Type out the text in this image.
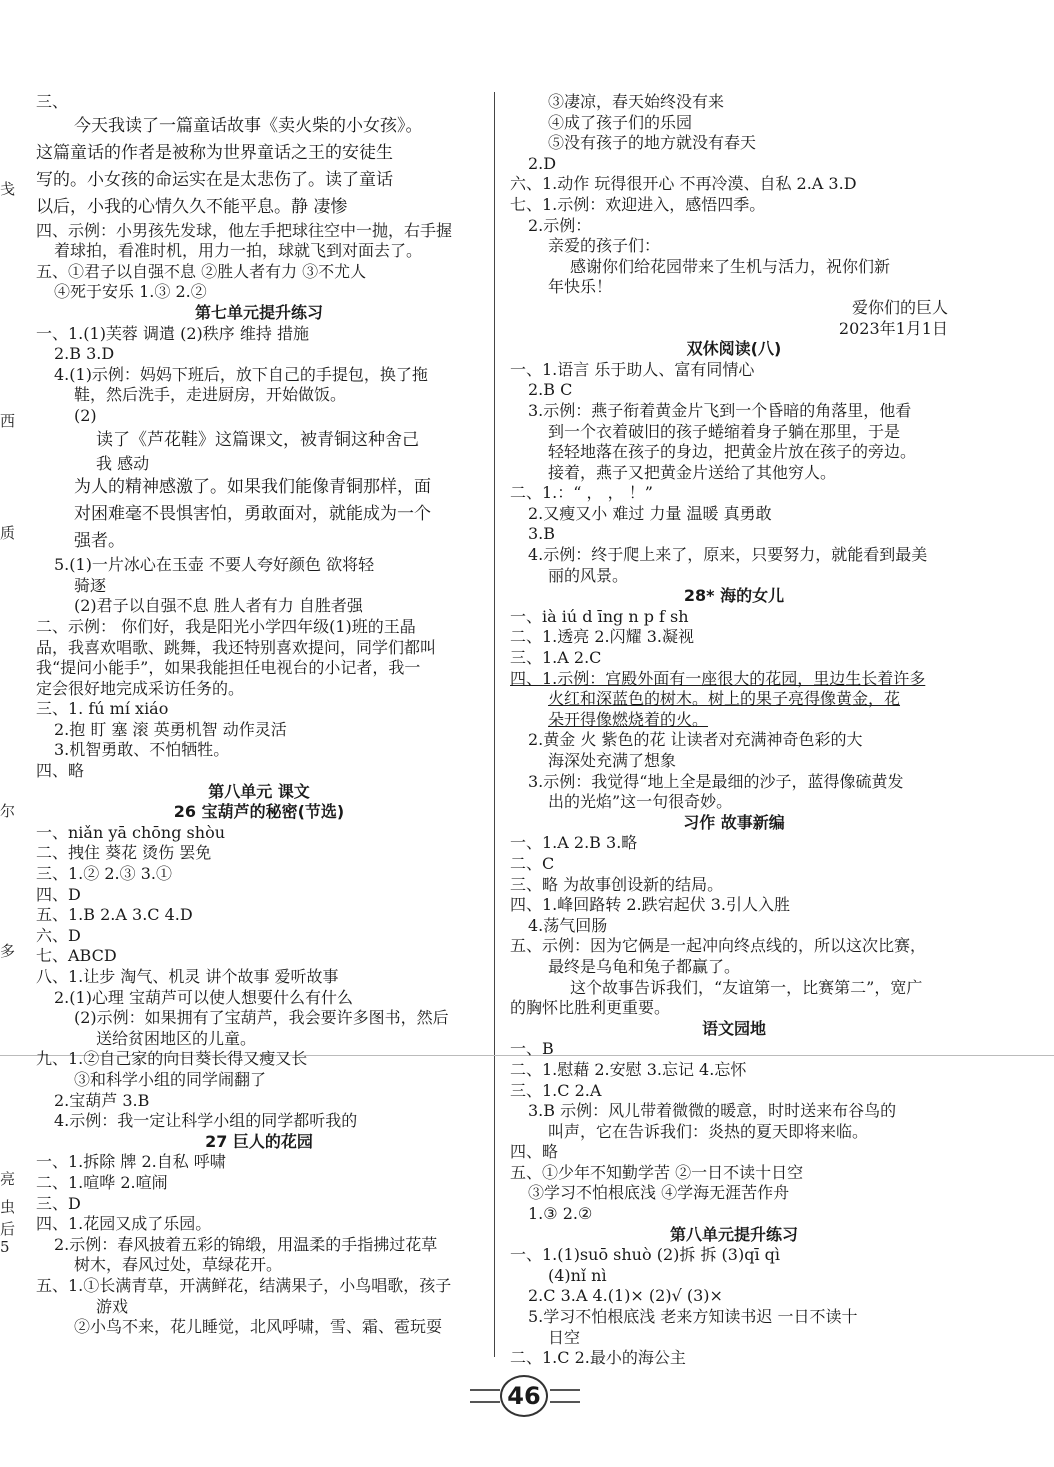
戋
西
质
尔
多
亮
虫
后
5
三、
今天我读了一篇童话故事《卖火柴的小女孩》。
这篇童话的作者是被称为世界童话之王的安徒生
写的。小女孩的命运实在是太悲伤了。读了童话
以后，小我的心情久久不能平息。静 凄惨
四、示例：小男孩先发球，他左手把球往空中一抛，右手握
着球拍，看准时机，用力一拍，球就飞到对面去了。
五、①君子以自强不息 ②胜人者有力 ③不尤人
④死于安乐 1.③ 2.②
第七单元提升练习
一、1.(1)芙蓉 调遣 (2)秩序 维持 措施
2.B 3.D
4.(1)示例：妈妈下班后，放下自己的手提包，换了拖
鞋，然后洗手，走进厨房，开始做饭。
(2)
读了《芦花鞋》这篇课文，被青铜这种舍己
我 感动
为人的精神感激了。如果我们能像青铜那样，面
对困难毫不畏惧害怕，勇敢面对，就能成为一个
强者。
5.(1)一片冰心在玉壶 不要人夸好颜色 欲将轻
骑逐
(2)君子以自强不息 胜人者有力 自胜者强
二、示例： 你们好，我是阳光小学四年级(1)班的王晶
品，我喜欢唱歌、跳舞，我还特别喜欢提问，同学们都叫
我“提问小能手”，如果我能担任电视台的小记者，我一
定会很好地完成采访任务的。
三、1. fú mí xiáo
2.抱 盯 塞 滚 英勇机智 动作灵活
3.机智勇敢、不怕牺牲。
四、略
第八单元 课文
26 宝葫芦的秘密(节选)
一、niǎn yā chōng shòu
二、拽住 葵花 烫伤 罢免
三、1.② 2.③ 3.①
四、D
五、1.B 2.A 3.C 4.D
六、D
七、ABCD
八、1.让步 淘气、机灵 讲个故事 爱听故事
2.(1)心理 宝葫芦可以使人想要什么有什么
(2)示例：如果拥有了宝葫芦，我会要许多图书，然后
送给贫困地区的儿童。
九、1.②自己家的向日葵长得又瘦又长
③和科学小组的同学闹翻了
2.宝葫芦 3.B
4.示例：我一定让科学小组的同学都听我的
27 巨人的花园
一、1.拆除 牌 2.自私 呼啸
二、1.喧哗 2.喧闹
三、D
四、1.花园又成了乐园。
2.示例：春风披着五彩的锦缎，用温柔的手指拂过花草
树木，春风过处，草绿花开。
五、1.①长满青草，开满鲜花，结满果子，小鸟唱歌，孩子
游戏
②小鸟不来，花儿睡觉，北风呼啸，雪、霜、雹玩耍
③凄凉，春天始终没有来
④成了孩子们的乐园
⑤没有孩子的地方就没有春天
2.D
六、1.动作 玩得很开心 不再冷漠、自私 2.A 3.D
七、1.示例：欢迎进入，感悟四季。
2.示例：
亲爱的孩子们：
感谢你们给花园带来了生机与活力，祝你们新
年快乐！
爱你们的巨人
2023年1月1日
双休阅读(八)
一、1.语言 乐于助人、富有同情心
2.B C
3.示例：燕子衔着黄金片飞到一个昏暗的角落里，他看
到一个衣着破旧的孩子蜷缩着身子躺在那里，于是
轻轻地落在孩子的身边，把黄金片放在孩子的旁边。
接着，燕子又把黄金片送给了其他穷人。
二、1.：“ ， ， ！”
2.又瘦又小 难过 力量 温暖 真勇敢
3.B
4.示例：终于爬上来了，原来，只要努力，就能看到最美
丽的风景。
28* 海的女儿
一、ià iú d īng n p f sh
二、1.透亮 2.闪耀 3.凝视
三、1.A 2.C
四、1.示例：宫殿外面有一座很大的花园，里边生长着许多
火红和深蓝色的树木。树上的果子亮得像黄金，花
朵开得像燃烧着的火。
2.黄金 火 紫色的花 让读者对充满神奇色彩的大
海深处充满了想象
3.示例：我觉得“地上全是最细的沙子，蓝得像硫黄发
出的光焰”这一句很奇妙。
习作 故事新编
一、1.A 2.B 3.略
二、C
三、略 为故事创设新的结局。
四、1.峰回路转 2.跌宕起伏 3.引人入胜
4.荡气回肠
五、示例：因为它俩是一起冲向终点线的，所以这次比赛，
最终是乌龟和兔子都赢了。
这个故事告诉我们，“友谊第一，比赛第二”，宽广
的胸怀比胜利更重要。
语文园地
一、B
二、1.慰藉 2.安慰 3.忘记 4.忘怀
三、1.C 2.A
3.B 示例：风儿带着微微的暖意，时时送来布谷鸟的
叫声，它在告诉我们：炎热的夏天即将来临。
四、略
五、①少年不知勤学苦 ②一日不读十日空
③学习不怕根底浅 ④学海无涯苦作舟
1.③ 2.②
第八单元提升练习
一、1.(1)suō shuò (2)拆 拆 (3)qī qì
(4)nǐ nì
2.C 3.A 4.(1)× (2)√ (3)×
5.学习不怕根底浅 老来方知读书迟 一日不读十
日空
二、1.C 2.最小的海公主
46
